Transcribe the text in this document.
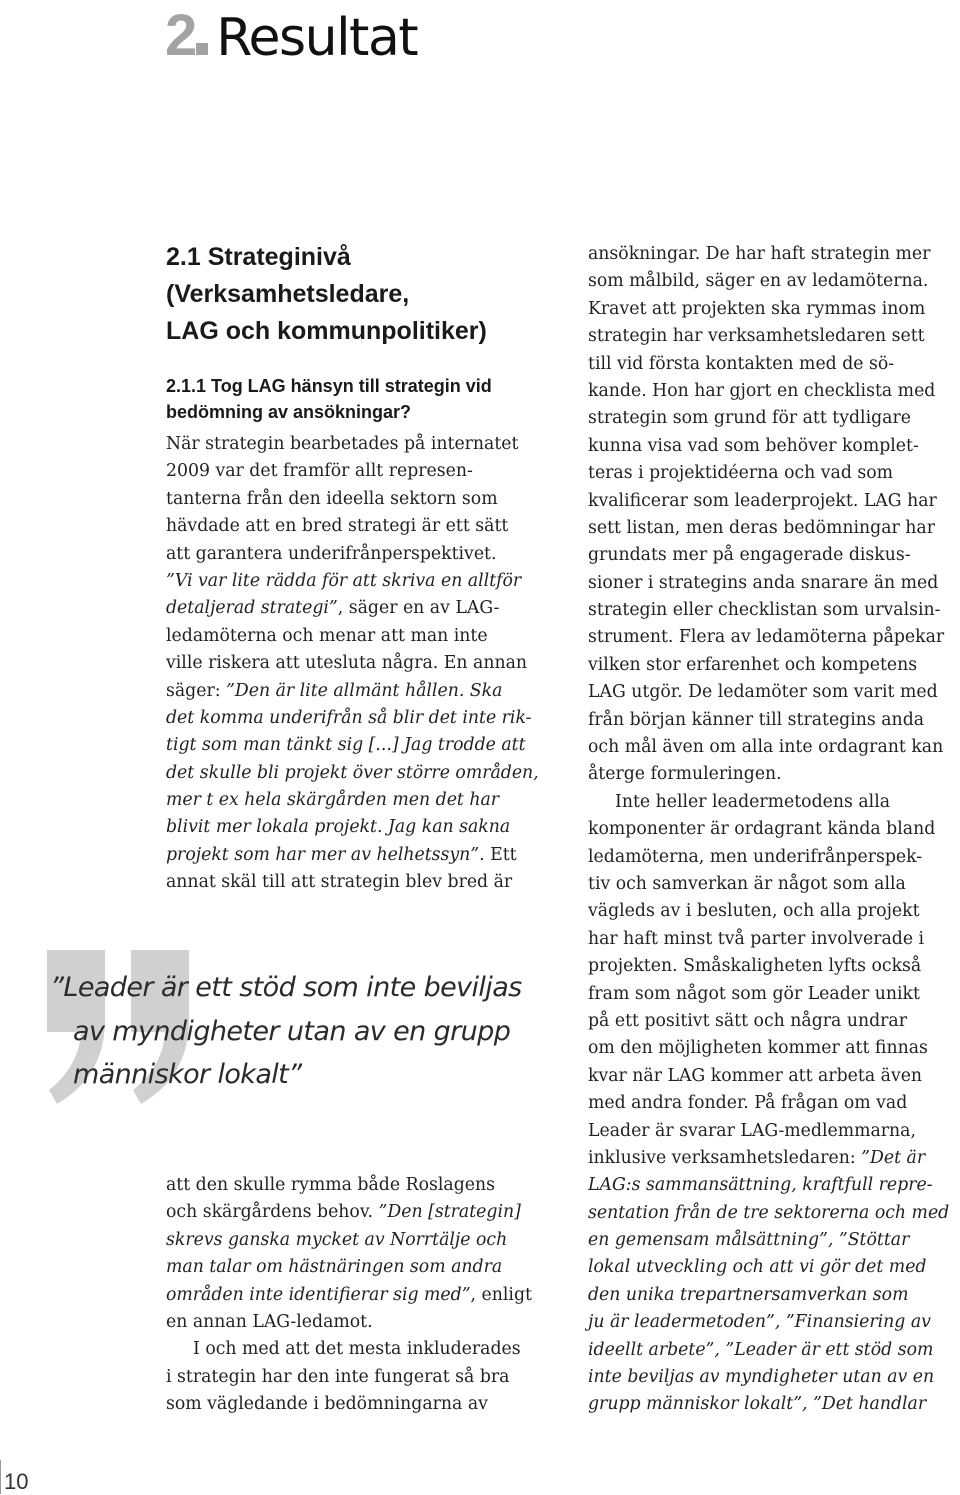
2 Resultat
2.1 Strateginivå
(Verksamhetsledare,
LAG och kommunpolitiker)
2.1.1 Tog LAG hänsyn till strategin vid
bedömning av ansökningar?
När strategin bearbetades på internatet
2009 var det framför allt represen-
tanterna från den ideella sektorn som
hävdade att en bred strategi är ett sätt
att garantera underifrånperspektivet.
”Vi var lite rädda för att skriva en alltför
detaljerad strategi”, säger en av LAG-
ledamöterna och menar att man inte
ville riskera att utesluta några. En annan
säger: ”Den är lite allmänt hållen. Ska
det komma underifrån så blir det inte rik-
tigt som man tänkt sig [...] Jag trodde att
det skulle bli projekt över större områden,
mer t ex hela skärgården men det har
blivit mer lokala projekt. Jag kan sakna
projekt som har mer av helhetssyn”. Ett
annat skäl till att strategin blev bred är
”Leader är ett stöd som inte beviljas
av myndigheter utan av en grupp
människor lokalt”
att den skulle rymma både Roslagens
och skärgårdens behov. ”Den [strategin]
skrevs ganska mycket av Norrtälje och
man talar om hästnäringen som andra
områden inte identifierar sig med”, enligt
en annan LAG-ledamot.
I och med att det mesta inkluderades
i strategin har den inte fungerat så bra
som vägledande i bedömningarna av
ansökningar. De har haft strategin mer
som målbild, säger en av ledamöterna.
Kravet att projekten ska rymmas inom
strategin har verksamhetsledaren sett
till vid första kontakten med de sö-
kande. Hon har gjort en checklista med
strategin som grund för att tydligare
kunna visa vad som behöver komplet-
teras i projektidéerna och vad som
kvalificerar som leaderprojekt. LAG har
sett listan, men deras bedömningar har
grundats mer på engagerade diskus-
sioner i strategins anda snarare än med
strategin eller checklistan som urvalsin-
strument. Flera av ledamöterna påpekar
vilken stor erfarenhet och kompetens
LAG utgör. De ledamöter som varit med
från början känner till strategins anda
och mål även om alla inte ordagrant kan
återge formuleringen.
Inte heller leadermetodens alla
komponenter är ordagrant kända bland
ledamöterna, men underifrånperspek-
tiv och samverkan är något som alla
vägleds av i besluten, och alla projekt
har haft minst två parter involverade i
projekten. Småskaligheten lyfts också
fram som något som gör Leader unikt
på ett positivt sätt och några undrar
om den möjligheten kommer att finnas
kvar när LAG kommer att arbeta även
med andra fonder. På frågan om vad
Leader är svarar LAG-medlemmarna,
inklusive verksamhetsledaren: ”Det är
LAG:s sammansättning, kraftfull repre-
sentation från de tre sektorerna och med
en gemensam målsättning”, ”Stöttar
lokal utveckling och att vi gör det med
den unika trepartnersamverkan som
ju är leadermetoden”, ”Finansiering av
ideellt arbete”, ”Leader är ett stöd som
inte beviljas av myndigheter utan av en
grupp människor lokalt”, ”Det handlar
10
